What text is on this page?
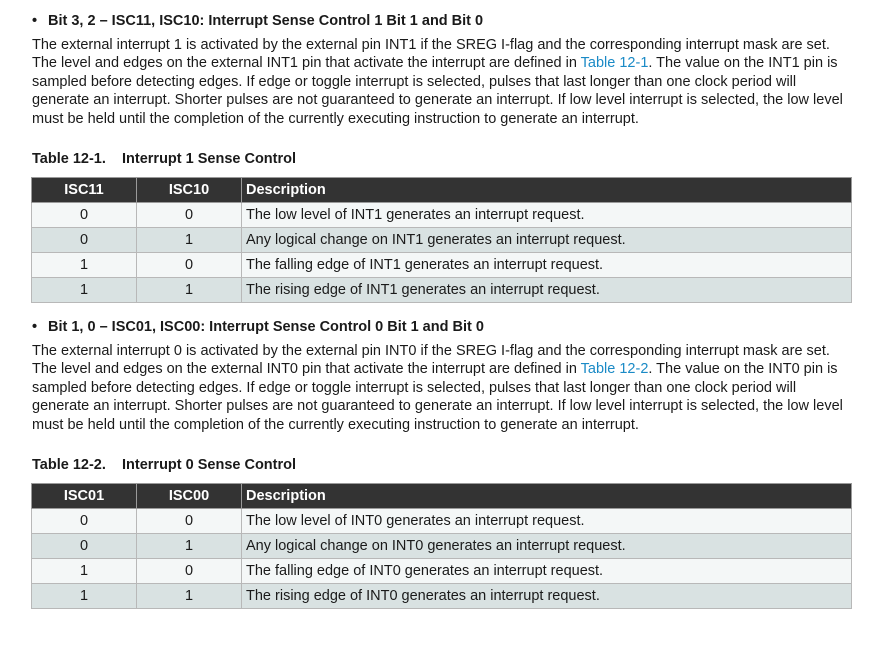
• Bit 3, 2 – ISC11, ISC10: Interrupt Sense Control 1 Bit 1 and Bit 0
The external interrupt 1 is activated by the external pin INT1 if the SREG I-flag and the corresponding interrupt mask are set. The level and edges on the external INT1 pin that activate the interrupt are defined in Table 12-1. The value on the INT1 pin is sampled before detecting edges. If edge or toggle interrupt is selected, pulses that last longer than one clock period will generate an interrupt. Shorter pulses are not guaranteed to generate an interrupt. If low level interrupt is selected, the low level must be held until the completion of the currently executing instruction to generate an interrupt.
Table 12-1. Interrupt 1 Sense Control
ISC11	ISC10	Description
0	0	The low level of INT1 generates an interrupt request.
0	1	Any logical change on INT1 generates an interrupt request.
1	0	The falling edge of INT1 generates an interrupt request.
1	1	The rising edge of INT1 generates an interrupt request.
• Bit 1, 0 – ISC01, ISC00: Interrupt Sense Control 0 Bit 1 and Bit 0
The external interrupt 0 is activated by the external pin INT0 if the SREG I-flag and the corresponding interrupt mask are set. The level and edges on the external INT0 pin that activate the interrupt are defined in Table 12-2. The value on the INT0 pin is sampled before detecting edges. If edge or toggle interrupt is selected, pulses that last longer than one clock period will generate an interrupt. Shorter pulses are not guaranteed to generate an interrupt. If low level interrupt is selected, the low level must be held until the completion of the currently executing instruction to generate an interrupt.
Table 12-2. Interrupt 0 Sense Control
ISC01	ISC00	Description
0	0	The low level of INT0 generates an interrupt request.
0	1	Any logical change on INT0 generates an interrupt request.
1	0	The falling edge of INT0 generates an interrupt request.
1	1	The rising edge of INT0 generates an interrupt request.
